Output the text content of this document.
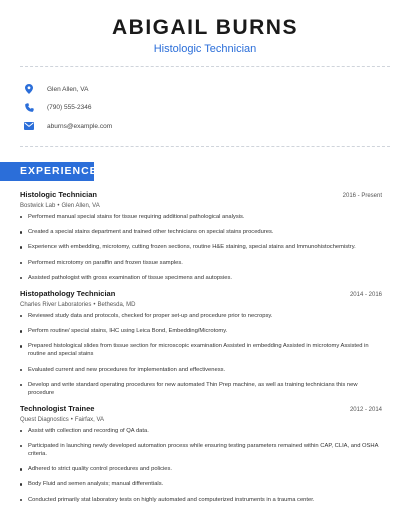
ABIGAIL BURNS
Histologic Technician
Glen Allen, VA
(790) 555-2346
aburns@example.com
EXPERIENCE
Histologic Technician	2016 - Present
Bostwick Lab • Glen Allen, VA
Performed manual special stains for tissue requiring additional pathological analysis.
Created a special stains department and trained other technicians on special stains procedures.
Experience with embedding, microtomy, cutting frozen sections, routine H&E staining, special stains and Immunohistochemistry.
Performed microtomy on paraffin and frozen tissue samples.
Assisted pathologist with gross examination of tissue specimens and autopsies.
Histopathology Technician	2014 - 2016
Charles River Laboratories • Bethesda, MD
Reviewed study data and protocols, checked for proper set-up and procedure prior to necropsy.
Perform routine/ special stains, IHC using Leica Bond, Embedding/Microtomy.
Prepared histological slides from tissue section for microscopic examination Assisted in embedding Assisted in microtomy Assisted in routine and special stains
Evaluated current and new procedures for implementation and effectiveness.
Develop and write standard operating procedures for new automated Thin Prep machine, as well as training technicians this new procedure
Technologist Trainee	2012 - 2014
Quest Diagnostics • Fairfax, VA
Assist with collection and recording of QA data.
Participated in launching newly developed automation process while ensuring testing parameters remained within CAP, CLIA, and OSHA criteria.
Adhered to strict quality control procedures and policies.
Body Fluid and semen analysis; manual differentials.
Conducted primarily stat laboratory tests on highly automated and computerized instruments in a trauma center.
